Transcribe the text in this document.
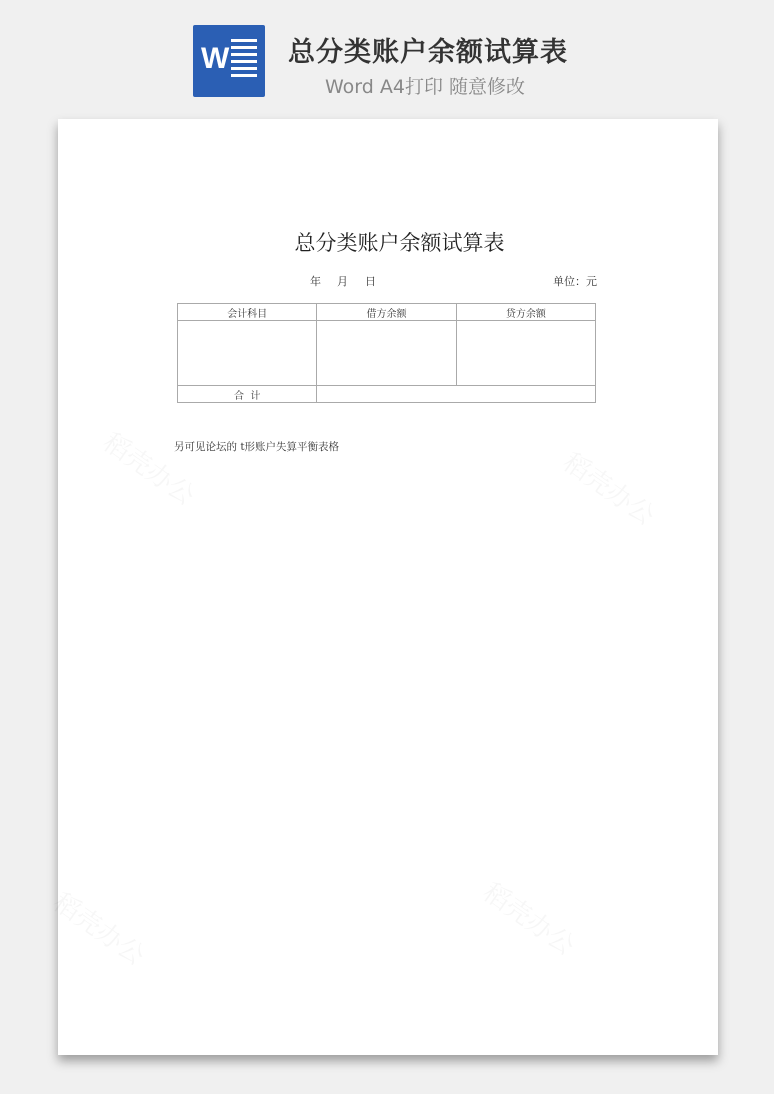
W 总分类账户余额试算表
Word A4打印 随意修改
总分类账户余额试算表
年 月 日	单位：元
会计科目	借方余额	贷方余额

合  计		
另可见论坛的 t形账户失算平衡表格
